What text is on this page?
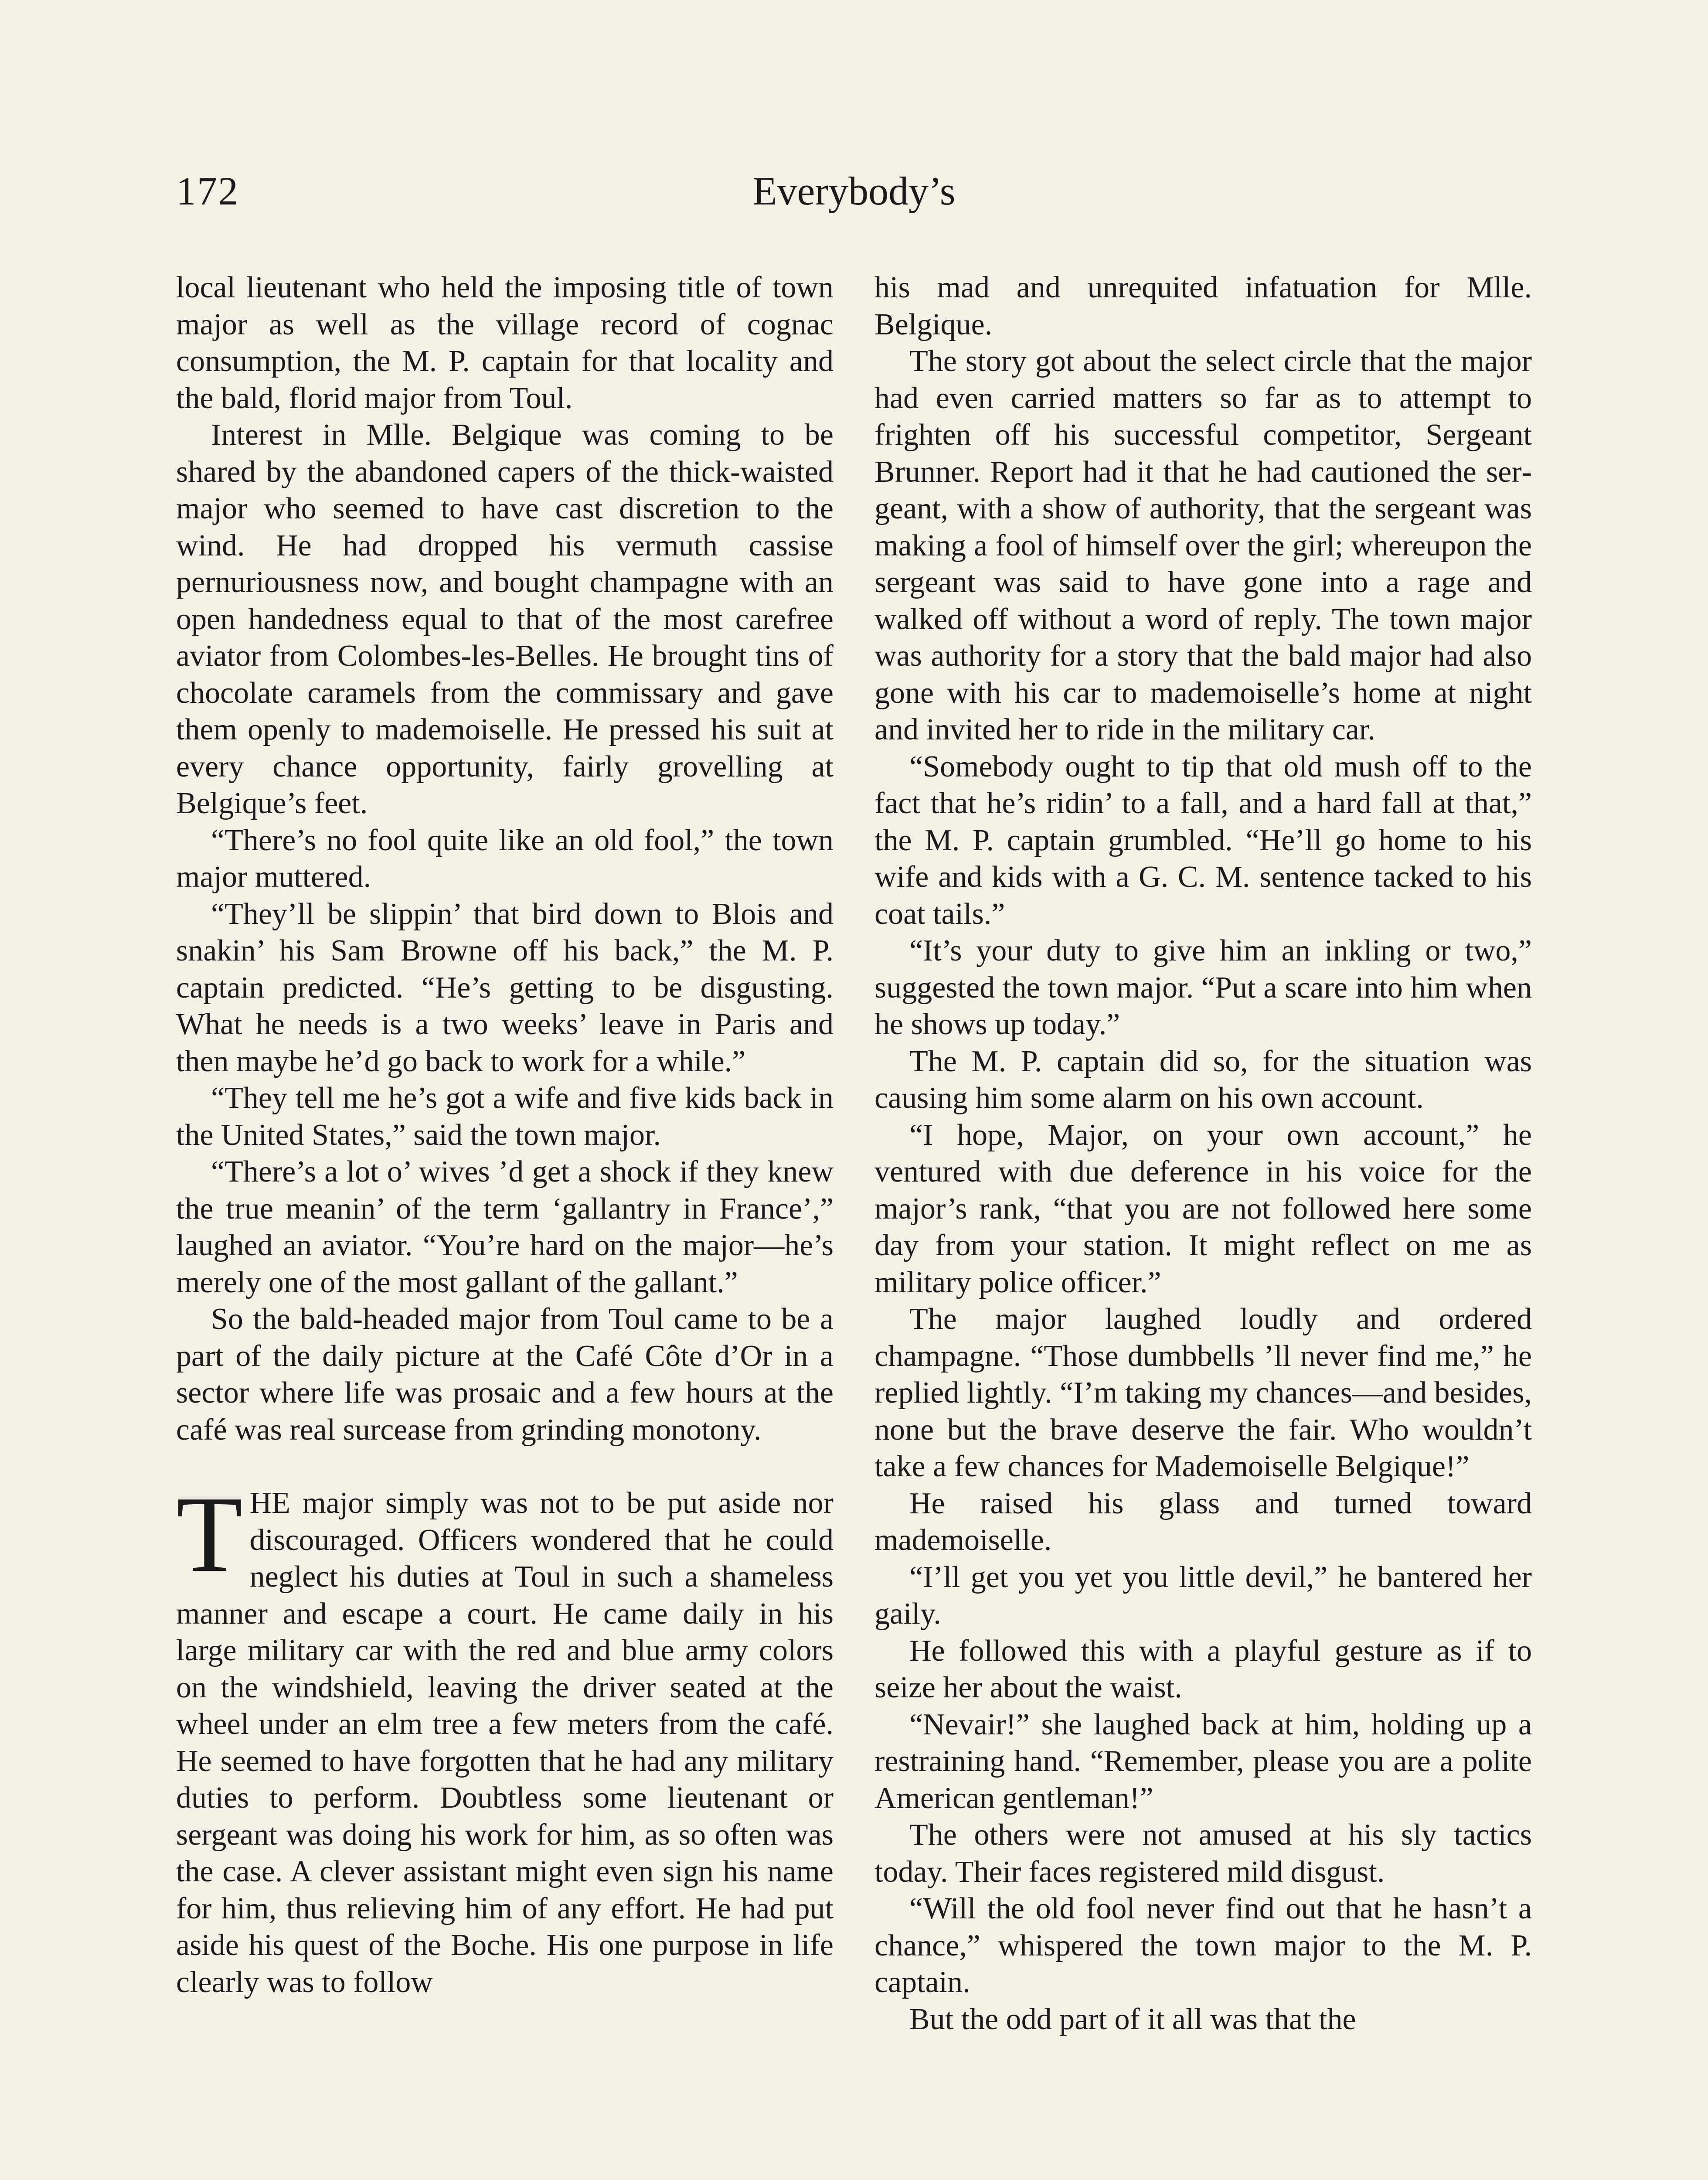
172	Everybody’s

local lieutenant who held the imposing title of town major as well as the village record of cognac consumption, the M. P. captain for that locality and the bald, florid major from Toul.

Interest in Mlle. Belgique was coming to be shared by the abandoned capers of the thick-waisted major who seemed to have cast discretion to the wind. He had dropped his vermuth cassise pernuriousness now, and bought champagne with an open handedness equal to that of the most carefree aviator from Colombes-les-Belles. He brought tins of chocolate caramels from the commissary and gave them openly to mademoiselle. He pressed his suit at every chance opportunity, fairly grovelling at Belgique’s feet.

“There’s no fool quite like an old fool,” the town major muttered.

“They’ll be slippin’ that bird down to Blois and snakin’ his Sam Browne off his back,” the M. P. captain predicted. “He’s getting to be disgusting. What he needs is a two weeks’ leave in Paris and then maybe he’d go back to work for a while.”

“They tell me he’s got a wife and five kids back in the United States,” said the town major.

“There’s a lot o’ wives ’d get a shock if they knew the true meanin’ of the term ‘gallantry in France’,” laughed an aviator. “You’re hard on the major—he’s merely one of the most gallant of the gallant.”

So the bald-headed major from Toul came to be a part of the daily picture at the Café Côte d’Or in a sector where life was prosaic and a few hours at the café was real surcease from grinding monotony.

THE major simply was not to be put aside nor discouraged. Officers wondered that he could neglect his duties at Toul in such a shameless manner and escape a court. He came daily in his large military car with the red and blue army colors on the windshield, leaving the driver seated at the wheel under an elm tree a few meters from the café. He seemed to have forgotten that he had any military duties to perform. Doubtless some lieutenant or sergeant was doing his work for him, as so often was the case. A clever assistant might even sign his name for him, thus relieving him of any effort. He had put aside his quest of the Boche. His one purpose in life clearly was to follow

his mad and unrequited infatuation for Mlle. Belgique.

The story got about the select circle that the major had even carried matters so far as to attempt to frighten off his successful competitor, Sergeant Brunner. Report had it that he had cautioned the sergeant, with a show of authority, that the sergeant was making a fool of himself over the girl; whereupon the sergeant was said to have gone into a rage and walked off without a word of reply. The town major was authority for a story that the bald major had also gone with his car to mademoiselle’s home at night and invited her to ride in the military car.

“Somebody ought to tip that old mush off to the fact that he’s ridin’ to a fall, and a hard fall at that,” the M. P. captain grumbled. “He’ll go home to his wife and kids with a G. C. M. sentence tacked to his coat tails.”

“It’s your duty to give him an inkling or two,” suggested the town major. “Put a scare into him when he shows up today.”

The M. P. captain did so, for the situation was causing him some alarm on his own account.

“I hope, Major, on your own account,” he ventured with due deference in his voice for the major’s rank, “that you are not followed here some day from your station. It might reflect on me as military police officer.”

The major laughed loudly and ordered champagne. “Those dumbbells ’ll never find me,” he replied lightly. “I’m taking my chances—and besides, none but the brave deserve the fair. Who wouldn’t take a few chances for Mademoiselle Belgique!”

He raised his glass and turned toward mademoiselle.

“I’ll get you yet you little devil,” he bantered her gaily.

He followed this with a playful gesture as if to seize her about the waist.

“Nevair!” she laughed back at him, holding up a restraining hand. “Remember, please you are a polite American gentleman!”

The others were not amused at his sly tactics today. Their faces registered mild disgust.

“Will the old fool never find out that he hasn’t a chance,” whispered the town major to the M. P. captain.

But the odd part of it all was that the
